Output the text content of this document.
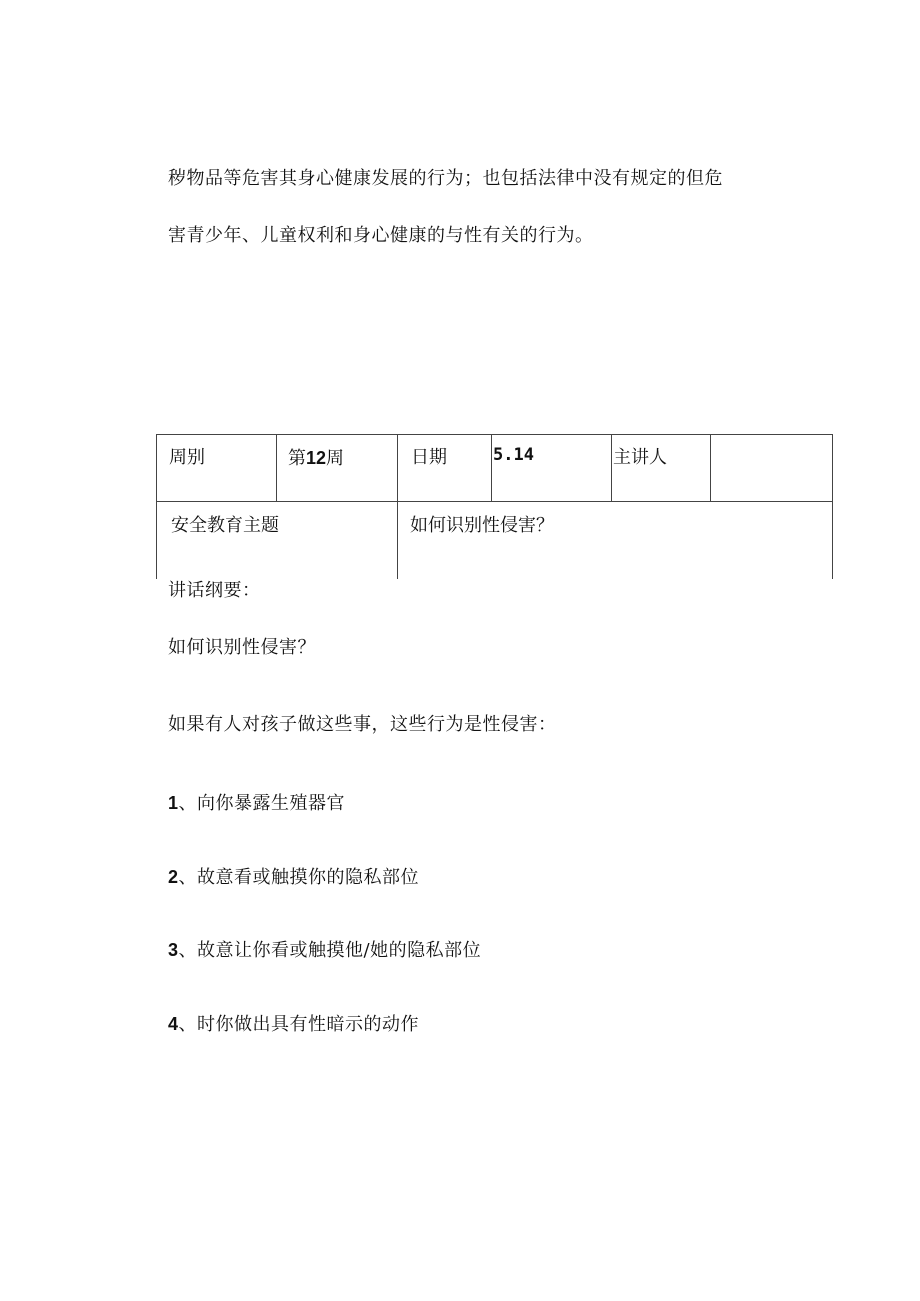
秽物品等危害其身心健康发展的行为；也包括法律中没有规定的但危
害青少年、儿童权利和身心健康的与性有关的行为。
周别	第12周	日期	5.14	主讲人
安全教育主题	如何识别性侵害？
讲话纲要：
如何识别性侵害？
如果有人对孩子做这些事，这些行为是性侵害：
1、向你暴露生殖器官
2、故意看或触摸你的隐私部位
3、故意让你看或触摸他/她的隐私部位
4、时你做出具有性暗示的动作
